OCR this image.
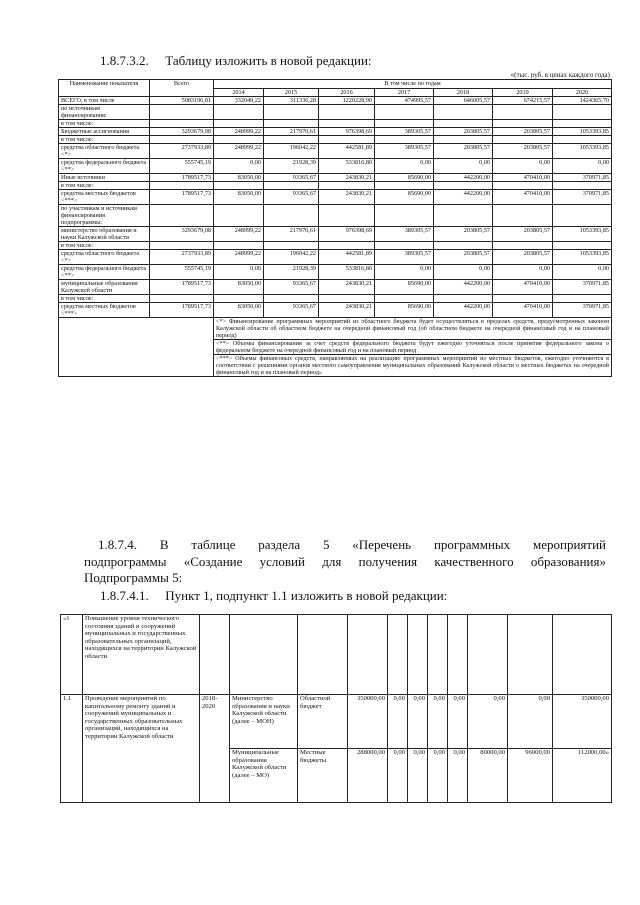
1.8.7.3.2. Таблицу изложить в новой редакции:
«(тыс. руб. в ценах каждого года)
Наименование показателя	Всего	В том числе по годам						
		2014	2015	2016	2017	2018	2019	2020
ВСЕГО, в том числе	5083196,81	332049,22	311336,28	1220228,90	474995,57	646005,57	674215,57	1424365,70
по источникам финансирования:								
в том числе:								
Бюджетные ассигнования	3293679,08	248999,22	217970,61	976398,69	389305,57	203805,57	203805,57	1053393,85
в том числе:								
средства областного бюджета <*>	2737933,89	248999,22	196042,22	442581,89	389305,57	203805,57	203805,57	1053393,85
средства федерального бюджета <**>	555745,19	0,00	21928,39	533816,80	0,00	0,00	0,00	0,00
Иные источники	1789517,73	83050,00	93365,67	243830,21	85690,00	442200,00	470410,00	370971,85
в том числе:								
средства местных бюджетов <***>	1789517,73	83050,00	93365,67	243830,21	85690,00	442200,00	470410,00	370971,85
по участникам и источникам финансирования подпрограммы:								
министерство образования и науки Калужской области	3293679,08	248999,22	217970,61	976398,69	389305,57	203805,57	203805,57	1053393,85
в том числе:								
средства областного бюджета <*>	2737933,89	248999,22	196042,22	442581,89	389305,57	203805,57	203805,57	1053393,85
средства федерального бюджета <**>	555745,19	0,00	21928,39	533816,80	0,00	0,00	0,00	0,00
муниципальные образования Калужской области	1789517,73	83050,00	93365,67	243830,21	85690,00	442200,00	470410,00	370971,85
в том числе:								
средства местных бюджетов <***>	1789517,73	83050,00	93365,67	243830,21	85690,00	442200,00	470410,00	370971,85
		<*> Финансирование программных мероприятий из областного бюджета будет осуществляться в пределах средств, предусмотренных законом Калужской области об областном бюджете на очередной финансовый год (об областном бюджете на очередной финансовый год и на плановый период)						
		<**> Объемы финансирования за счет средств федерального бюджета будут ежегодно уточняться после принятия федерального закона о федеральном бюджете на очередной финансовый год и на плановый период						
		<***> Объемы финансовых средств, направляемых на реализацию программных мероприятий из местных бюджетов, ежегодно уточняются в соответствии с решениями органов местного самоуправления муниципальных образований Калужской области о местных бюджетах на очередной финансовый год и на плановый период»						
1.8.7.4. В таблице раздела 5 «Перечень программных мероприятий
подпрограммы «Создание условий для получения качественного образования»
Подпрограммы 5:
1.8.7.4.1. Пункт 1, подпункт 1.1 изложить в новой редакции:
«1	Повышение уровня технического состояния зданий и сооружений муниципальных и государственных образовательных организаций, находящихся на территории Калужской области											
1.1	Проведение мероприятий по капитальному ремонту зданий и сооружений муниципальных и государственных образовательных организаций, находящихся на территории Калужской области	2018-2020	Министерство образования и науки Калужской области (далее – МОН)	Областной бюджет	350000,00	0,00	0,00	0,00	0,00	0,00	0,00	350000,00
			Муниципальные образования Калужской области (далее – МО)	Местные бюджеты	288000,00	0,00	0,00	0,00	0,00	80000,00	96000,00	112000,00»
